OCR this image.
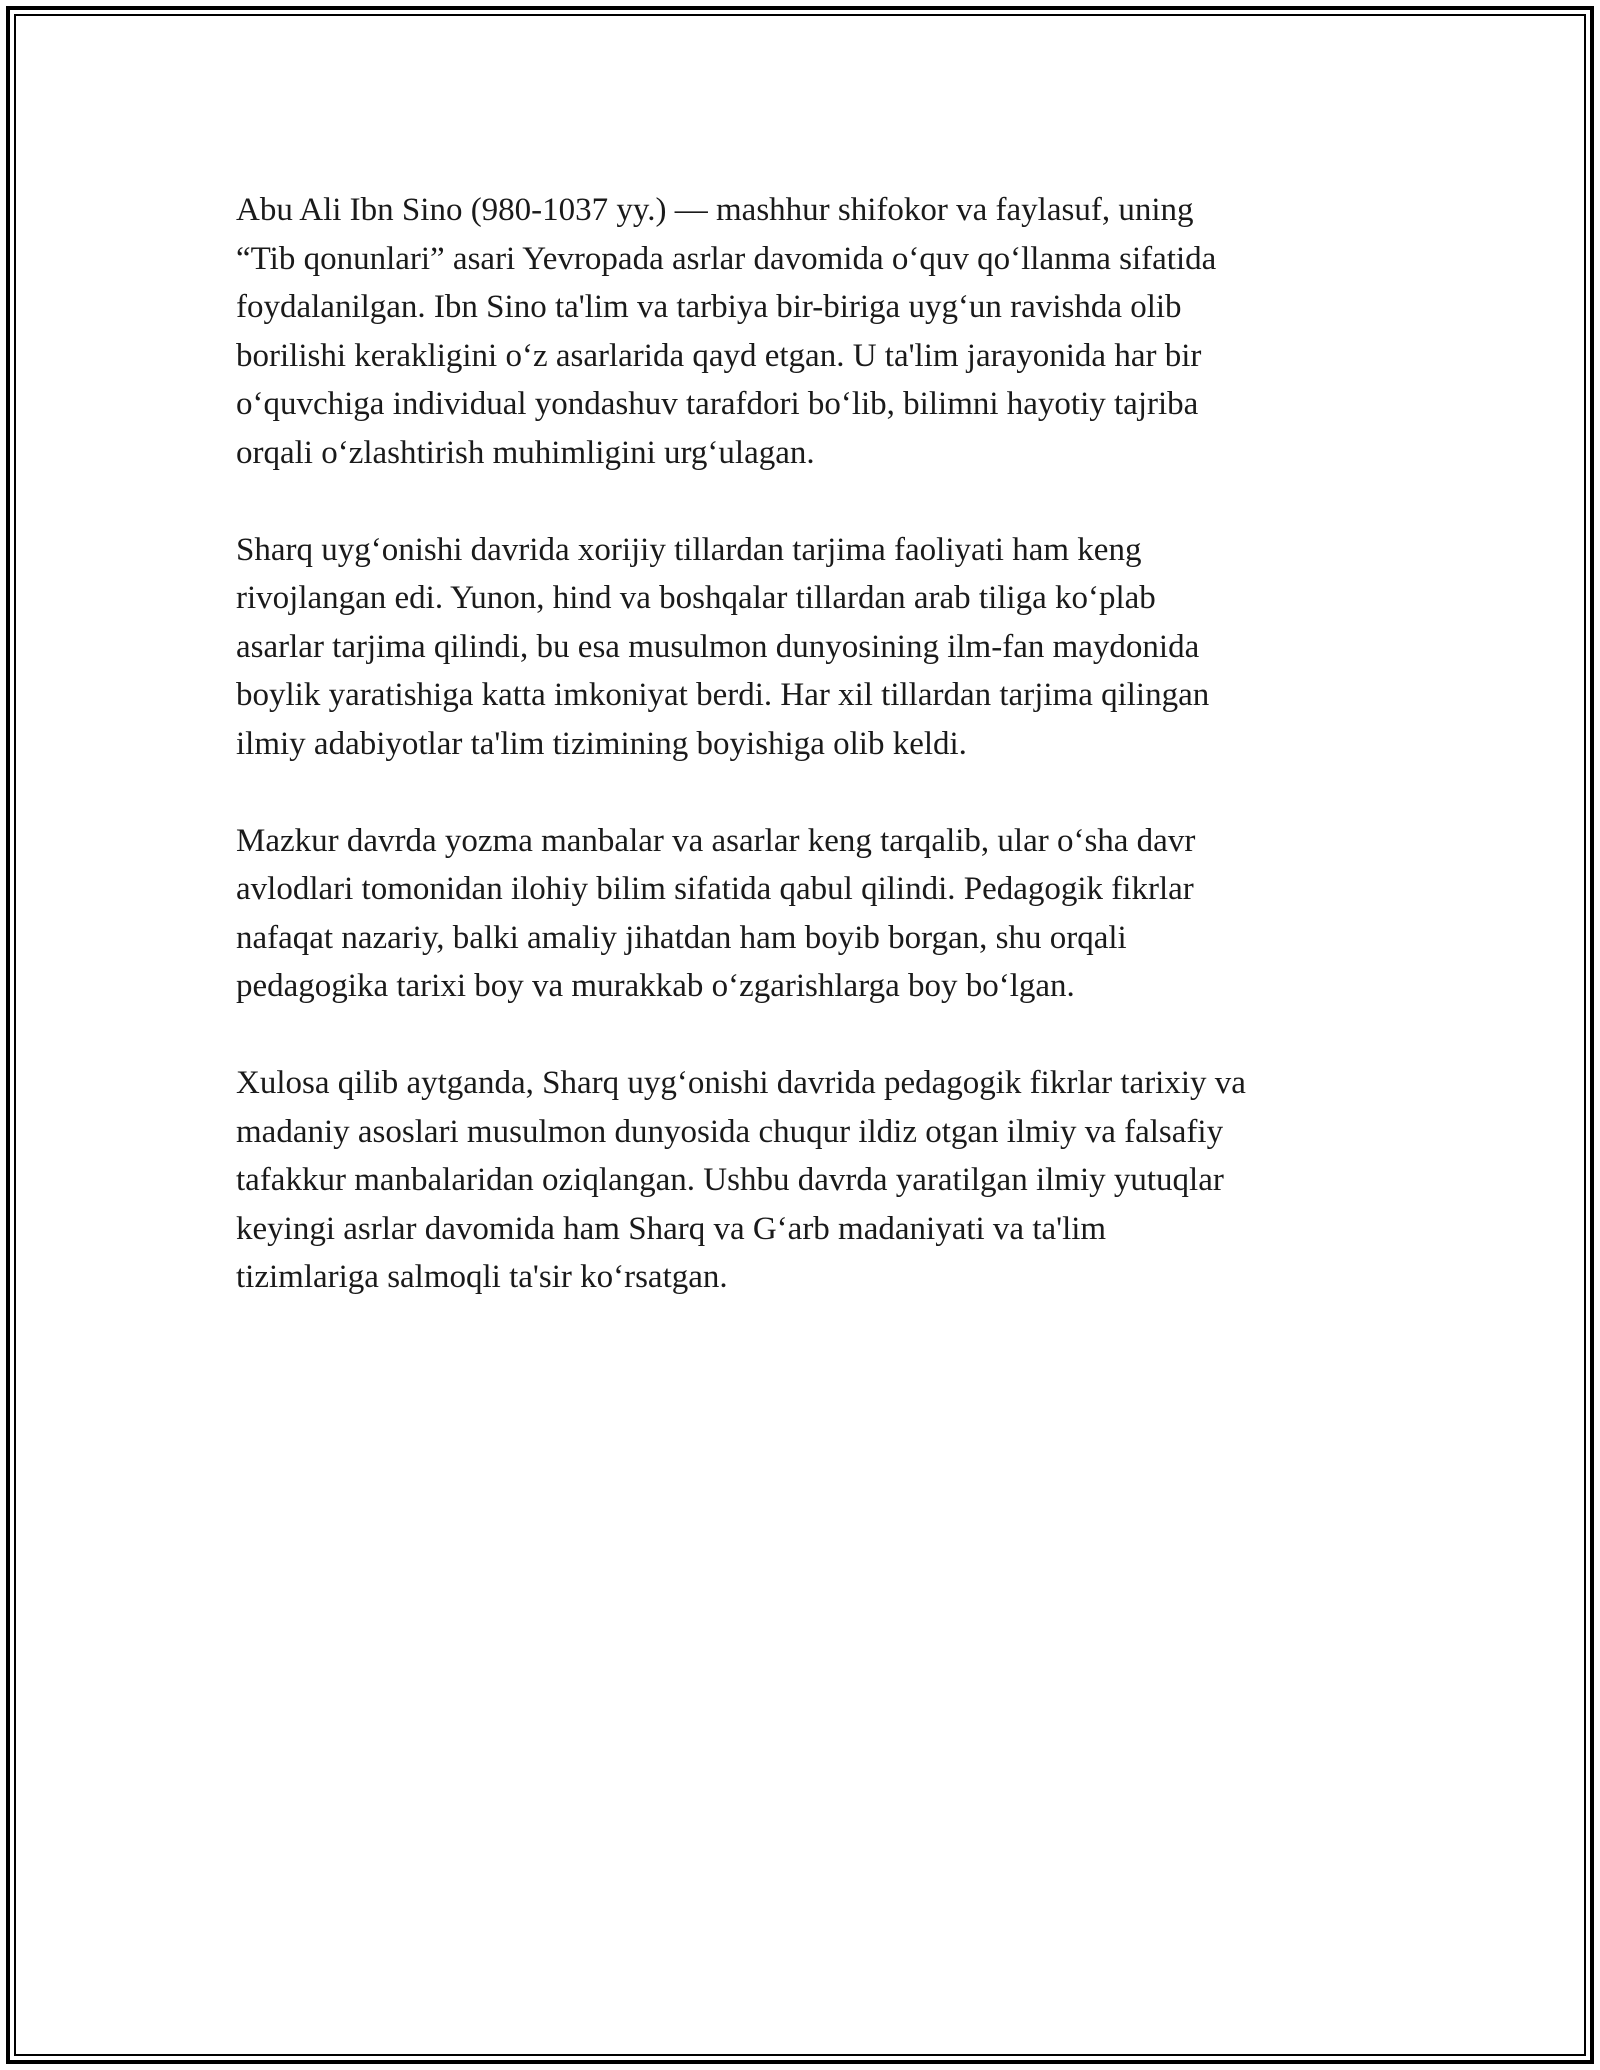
Abu Ali Ibn Sino (980-1037 yy.) — mashhur shifokor va faylasuf, uning
“Tib qonunlari” asari Yevropada asrlar davomida o‘quv qo‘llanma sifatida
foydalanilgan. Ibn Sino ta'lim va tarbiya bir-biriga uyg‘un ravishda olib
borilishi kerakligini o‘z asarlarida qayd etgan. U ta'lim jarayonida har bir
o‘quvchiga individual yondashuv tarafdori bo‘lib, bilimni hayotiy tajriba
orqali o‘zlashtirish muhimligini urg‘ulagan.

Sharq uyg‘onishi davrida xorijiy tillardan tarjima faoliyati ham keng
rivojlangan edi. Yunon, hind va boshqalar tillardan arab tiliga ko‘plab
asarlar tarjima qilindi, bu esa musulmon dunyosining ilm-fan maydonida
boylik yaratishiga katta imkoniyat berdi. Har xil tillardan tarjima qilingan
ilmiy adabiyotlar ta'lim tizimining boyishiga olib keldi.

Mazkur davrda yozma manbalar va asarlar keng tarqalib, ular o‘sha davr
avlodlari tomonidan ilohiy bilim sifatida qabul qilindi. Pedagogik fikrlar
nafaqat nazariy, balki amaliy jihatdan ham boyib borgan, shu orqali
pedagogika tarixi boy va murakkab o‘zgarishlarga boy bo‘lgan.

Xulosa qilib aytganda, Sharq uyg‘onishi davrida pedagogik fikrlar tarixiy va
madaniy asoslari musulmon dunyosida chuqur ildiz otgan ilmiy va falsafiy
tafakkur manbalaridan oziqlangan. Ushbu davrda yaratilgan ilmiy yutuqlar
keyingi asrlar davomida ham Sharq va G‘arb madaniyati va ta'lim
tizimlariga salmoqli ta'sir ko‘rsatgan.
